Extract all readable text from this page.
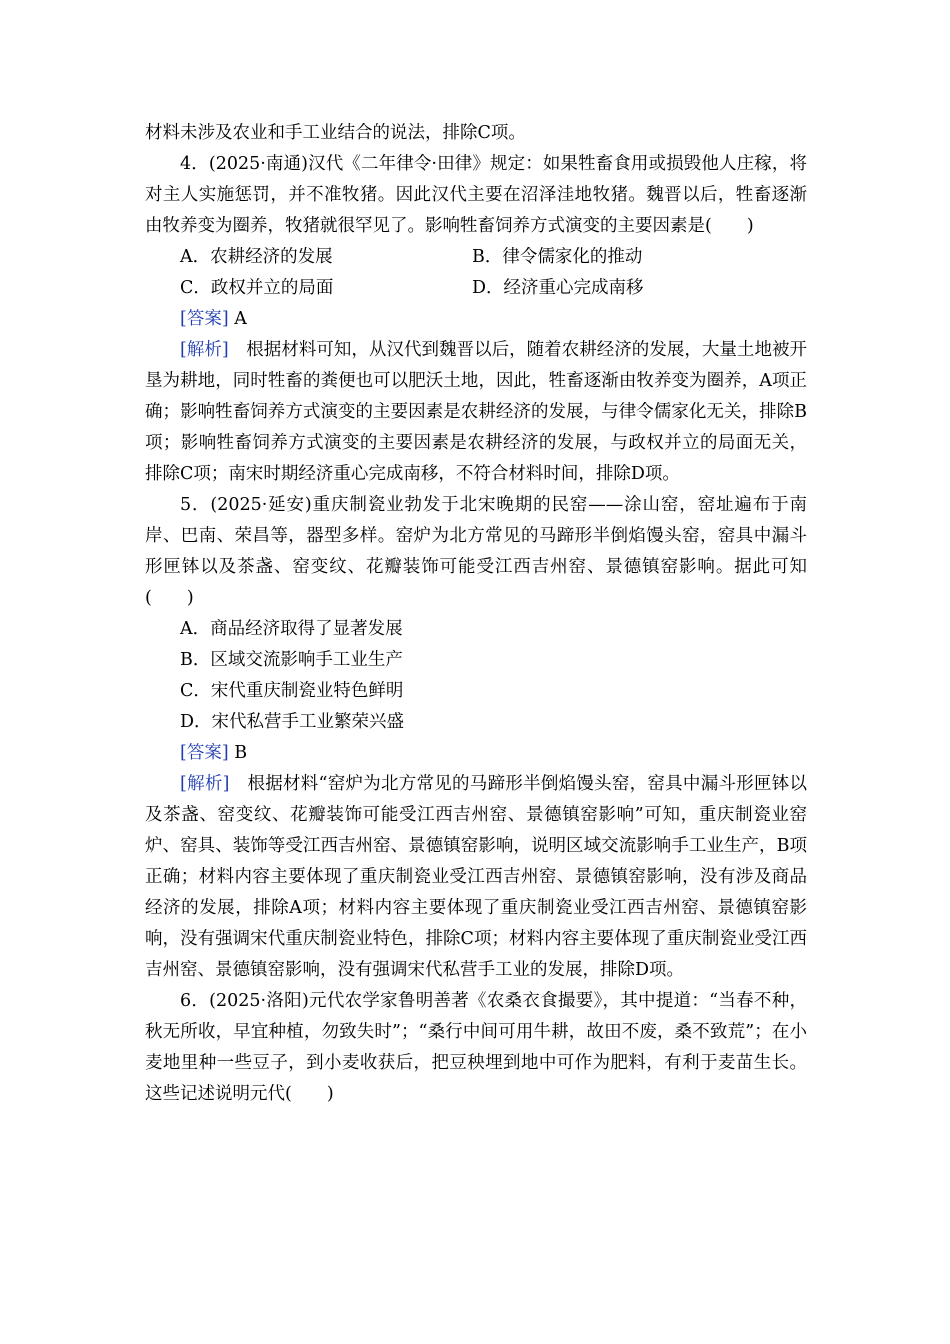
材料未涉及农业和手工业结合的说法，排除C项。

4．(2025·南通)汉代《二年律令·田律》规定：如果牲畜食用或损毁他人庄稼，将对主人实施惩罚，并不准牧猪。因此汉代主要在沼泽洼地牧猪。魏晋以后，牲畜逐渐由牧养变为圈养，牧猪就很罕见了。影响牲畜饲养方式演变的主要因素是(　　)

A．农耕经济的发展	B．律令儒家化的推动
C．政权并立的局面	D．经济重心完成南移

[答案] A

[解析]　 根据材料可知，从汉代到魏晋以后，随着农耕经济的发展，大量土地被开垦为耕地，同时牲畜的粪便也可以肥沃土地，因此，牲畜逐渐由牧养变为圈养，A项正确；影响牲畜饲养方式演变的主要因素是农耕经济的发展，与律令儒家化无关，排除B项；影响牲畜饲养方式演变的主要因素是农耕经济的发展，与政权并立的局面无关，排除C项；南宋时期经济重心完成南移，不符合材料时间，排除D项。

5．(2025·延安)重庆制瓷业勃发于北宋晚期的民窑——涂山窑，窑址遍布于南岸、巴南、荣昌等，器型多样。窑炉为北方常见的马蹄形半倒焰馒头窑，窑具中漏斗形匣钵以及茶盏、窑变纹、花瓣装饰可能受江西吉州窑、景德镇窑影响。据此可知(　　)

A．商品经济取得了显著发展

B．区域交流影响手工业生产

C．宋代重庆制瓷业特色鲜明

D．宋代私营手工业繁荣兴盛

[答案] B

[解析]　 根据材料“窑炉为北方常见的马蹄形半倒焰馒头窑，窑具中漏斗形匣钵以及茶盏、窑变纹、花瓣装饰可能受江西吉州窑、景德镇窑影响”可知，重庆制瓷业窑炉、窑具、装饰等受江西吉州窑、景德镇窑影响，说明区域交流影响手工业生产，B项正确；材料内容主要体现了重庆制瓷业受江西吉州窑、景德镇窑影响，没有涉及商品经济的发展，排除A项；材料内容主要体现了重庆制瓷业受江西吉州窑、景德镇窑影响，没有强调宋代重庆制瓷业特色，排除C项；材料内容主要体现了重庆制瓷业受江西吉州窑、景德镇窑影响，没有强调宋代私营手工业的发展，排除D项。

6．(2025·洛阳)元代农学家鲁明善著《农桑衣食撮要》，其中提道：“当春不种，秋无所收，早宜种植，勿致失时”；“桑行中间可用牛耕，故田不废，桑不致荒”；在小麦地里种一些豆子，到小麦收获后，把豆秧埋到地中可作为肥料，有利于麦苗生长。这些记述说明元代(　　)
